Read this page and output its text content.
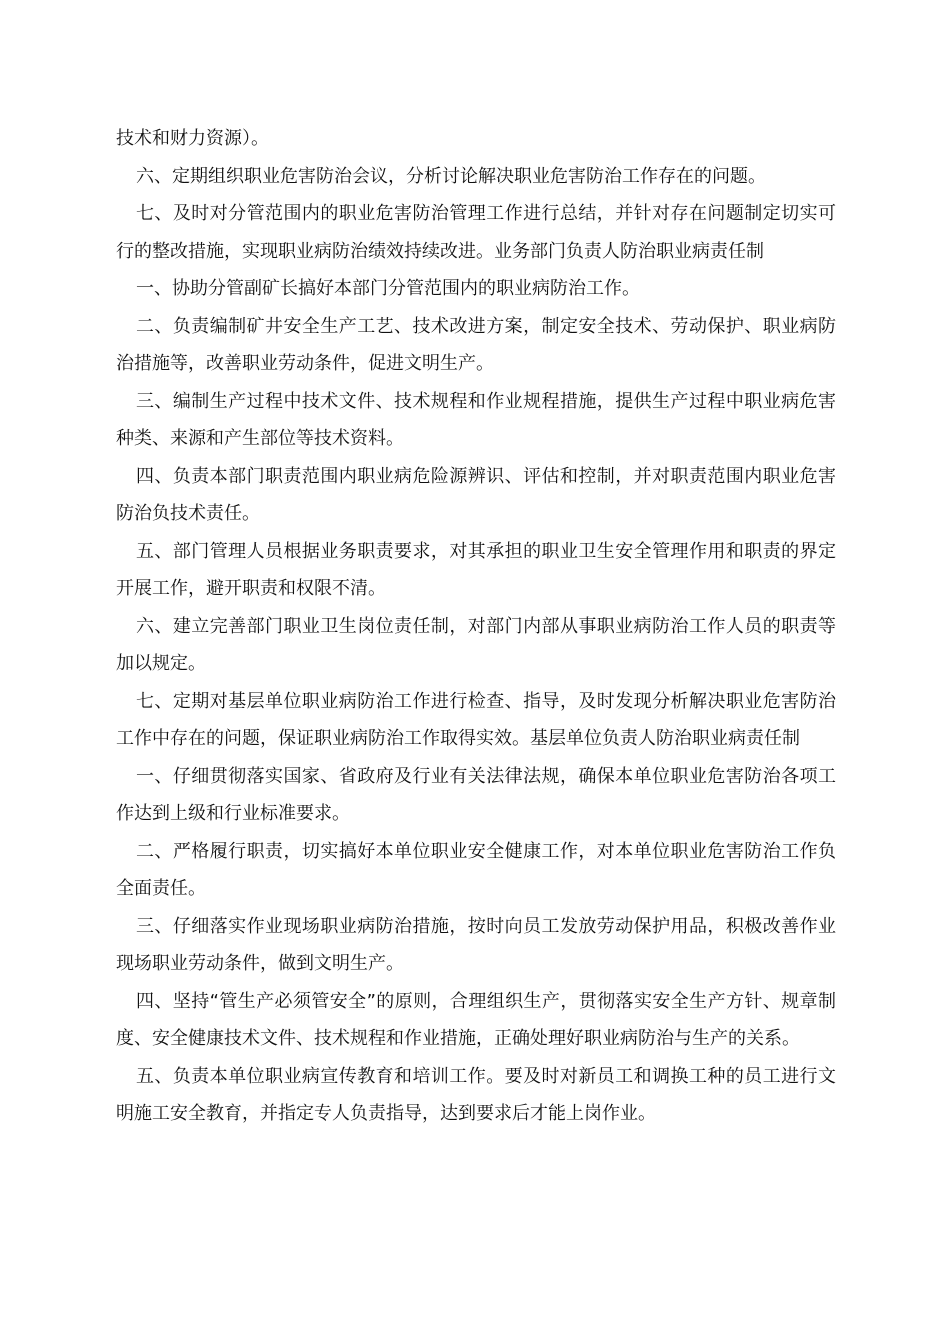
技术和财力资源）。

六、定期组织职业危害防治会议，分析讨论解决职业危害防治工作存在的问题。

七、及时对分管范围内的职业危害防治管理工作进行总结，并针对存在问题制定切实可行的整改措施，实现职业病防治绩效持续改进。业务部门负责人防治职业病责任制

一、协助分管副矿长搞好本部门分管范围内的职业病防治工作。

二、负责编制矿井安全生产工艺、技术改进方案，制定安全技术、劳动保护、职业病防治措施等，改善职业劳动条件，促进文明生产。

三、编制生产过程中技术文件、技术规程和作业规程措施，提供生产过程中职业病危害种类、来源和产生部位等技术资料。

四、负责本部门职责范围内职业病危险源辨识、评估和控制，并对职责范围内职业危害防治负技术责任。

五、部门管理人员根据业务职责要求，对其承担的职业卫生安全管理作用和职责的界定开展工作，避开职责和权限不清。

六、建立完善部门职业卫生岗位责任制，对部门内部从事职业病防治工作人员的职责等加以规定。

七、定期对基层单位职业病防治工作进行检查、指导，及时发现分析解决职业危害防治工作中存在的问题，保证职业病防治工作取得实效。基层单位负责人防治职业病责任制

一、仔细贯彻落实国家、省政府及行业有关法律法规，确保本单位职业危害防治各项工作达到上级和行业标准要求。

二、严格履行职责，切实搞好本单位职业安全健康工作，对本单位职业危害防治工作负全面责任。

三、仔细落实作业现场职业病防治措施，按时向员工发放劳动保护用品，积极改善作业现场职业劳动条件，做到文明生产。

四、坚持“管生产必须管安全”的原则，合理组织生产，贯彻落实安全生产方针、规章制度、安全健康技术文件、技术规程和作业措施，正确处理好职业病防治与生产的关系。

五、负责本单位职业病宣传教育和培训工作。要及时对新员工和调换工种的员工进行文明施工安全教育，并指定专人负责指导，达到要求后才能上岗作业。
